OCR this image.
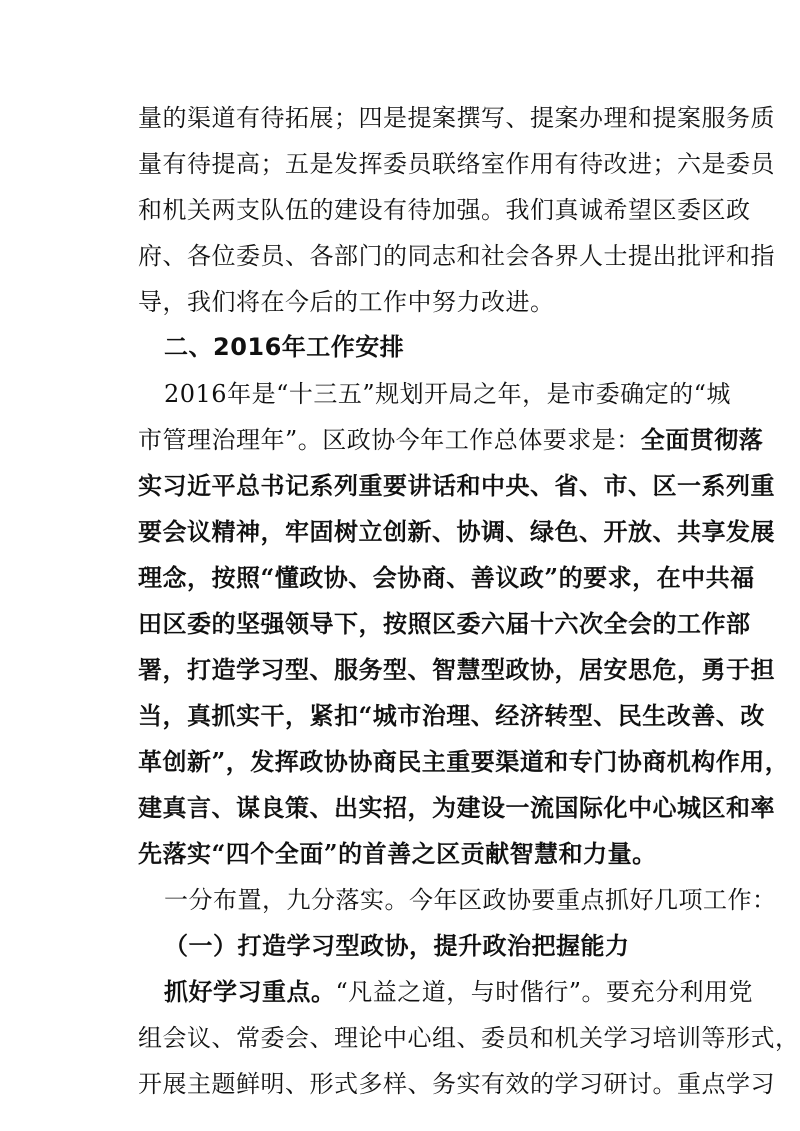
量的渠道有待拓展；四是提案撰写、提案办理和提案服务质
量有待提高；五是发挥委员联络室作用有待改进；六是委员
和机关两支队伍的建设有待加强。我们真诚希望区委区政
府、各位委员、各部门的同志和社会各界人士提出批评和指
导，我们将在今后的工作中努力改进。
二、2016年工作安排
2016年是“十三五”规划开局之年，是市委确定的“城
市管理治理年”。区政协今年工作总体要求是：全面贯彻落
实习近平总书记系列重要讲话和中央、省、市、区一系列重
要会议精神，牢固树立创新、协调、绿色、开放、共享发展
理念，按照“懂政协、会协商、善议政”的要求，在中共福
田区委的坚强领导下，按照区委六届十六次全会的工作部
署，打造学习型、服务型、智慧型政协，居安思危，勇于担
当，真抓实干，紧扣“城市治理、经济转型、民生改善、改
革创新”，发挥政协协商民主重要渠道和专门协商机构作用，
建真言、谋良策、出实招，为建设一流国际化中心城区和率
先落实“四个全面”的首善之区贡献智慧和力量。
一分布置，九分落实。今年区政协要重点抓好几项工作：
（一）打造学习型政协，提升政治把握能力
抓好学习重点。“凡益之道，与时偕行”。要充分利用党
组会议、常委会、理论中心组、委员和机关学习培训等形式，
开展主题鲜明、形式多样、务实有效的学习研讨。重点学习
